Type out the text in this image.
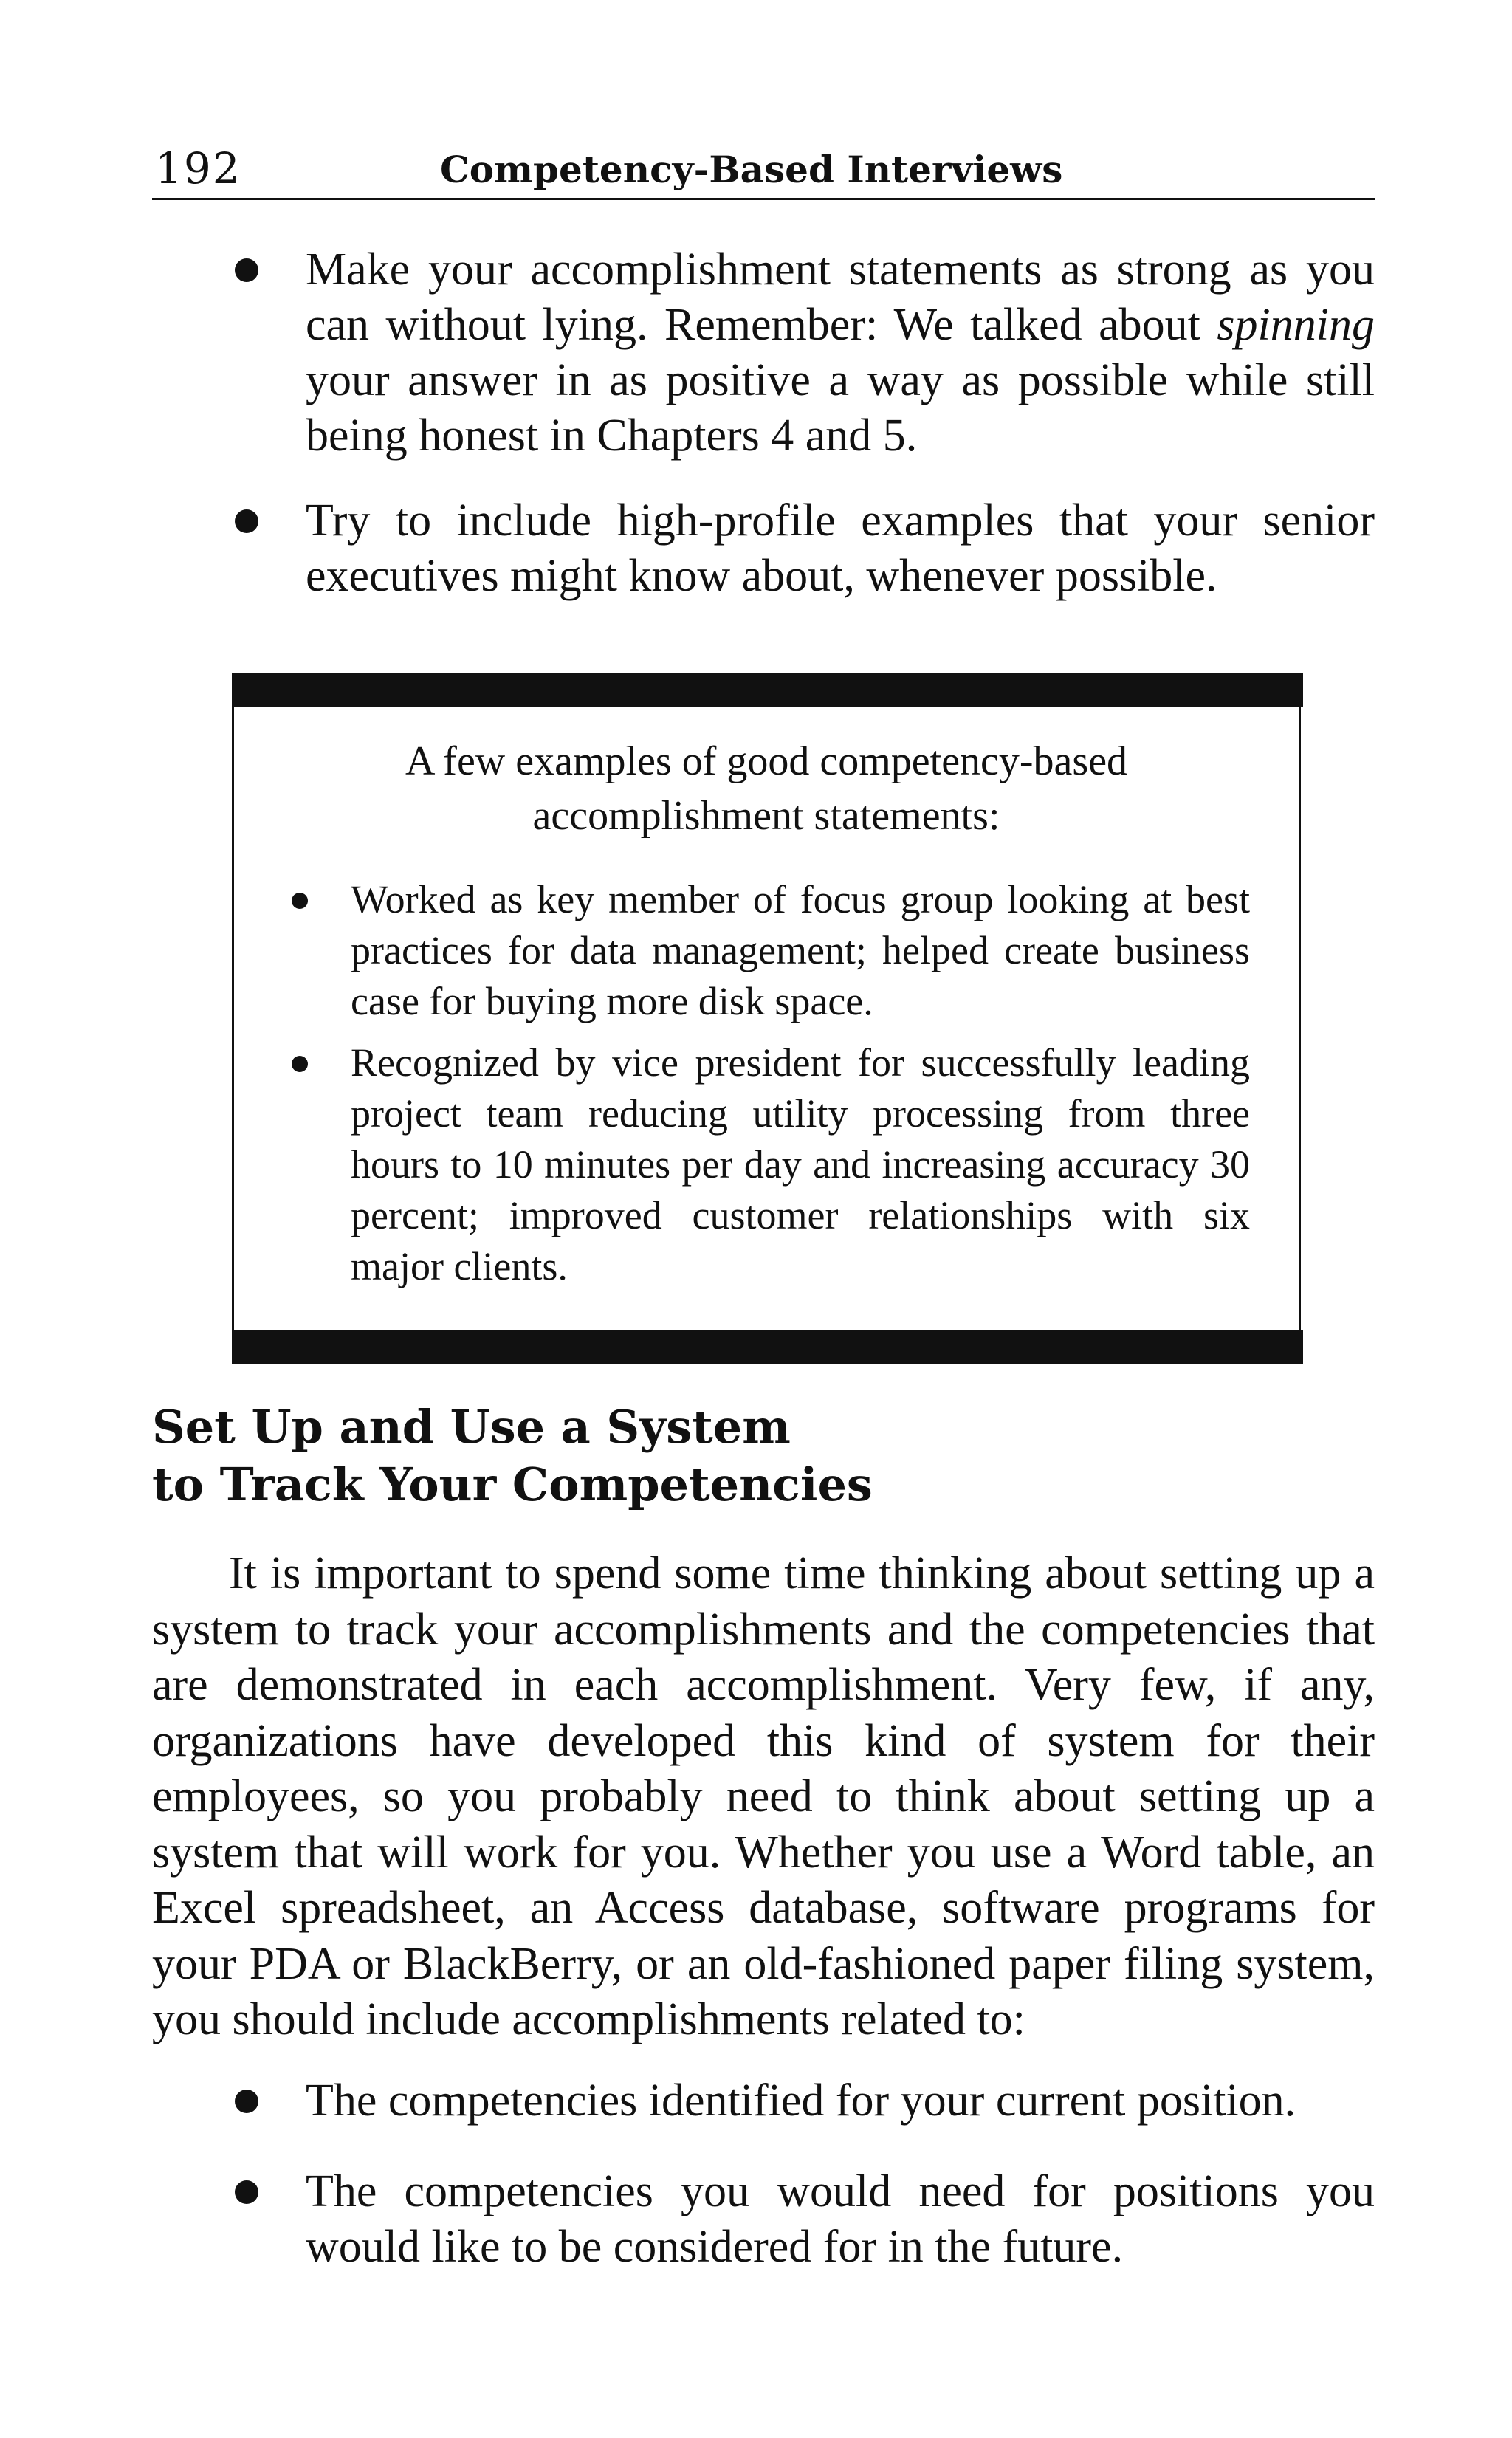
192	Competency-Based Interviews
Make your accomplishment statements as strong as you can without lying. Remember: We talked about spinning your answer in as positive a way as possible while still being honest in Chapters 4 and 5.
Try to include high-profile examples that your senior executives might know about, whenever possible.
A few examples of good competency-based
accomplishment statements:
Worked as key member of focus group looking at best practices for data management; helped create business case for buying more disk space.
Recognized by vice president for successfully leading project team reducing utility processing from three hours to 10 minutes per day and increasing accuracy 30 percent; improved customer relationships with six major clients.
Set Up and Use a System
to Track Your Competencies

It is important to spend some time thinking about setting up a system to track your accomplishments and the competencies that are demonstrated in each accomplishment. Very few, if any, organizations have developed this kind of system for their employees, so you probably need to think about setting up a system that will work for you. Whether you use a Word table, an Excel spreadsheet, an Access database, software programs for your PDA or BlackBerry, or an old-fashioned paper filing system, you should include accomplishments related to:

The competencies identified for your current position.
The competencies you would need for positions you would like to be considered for in the future.
